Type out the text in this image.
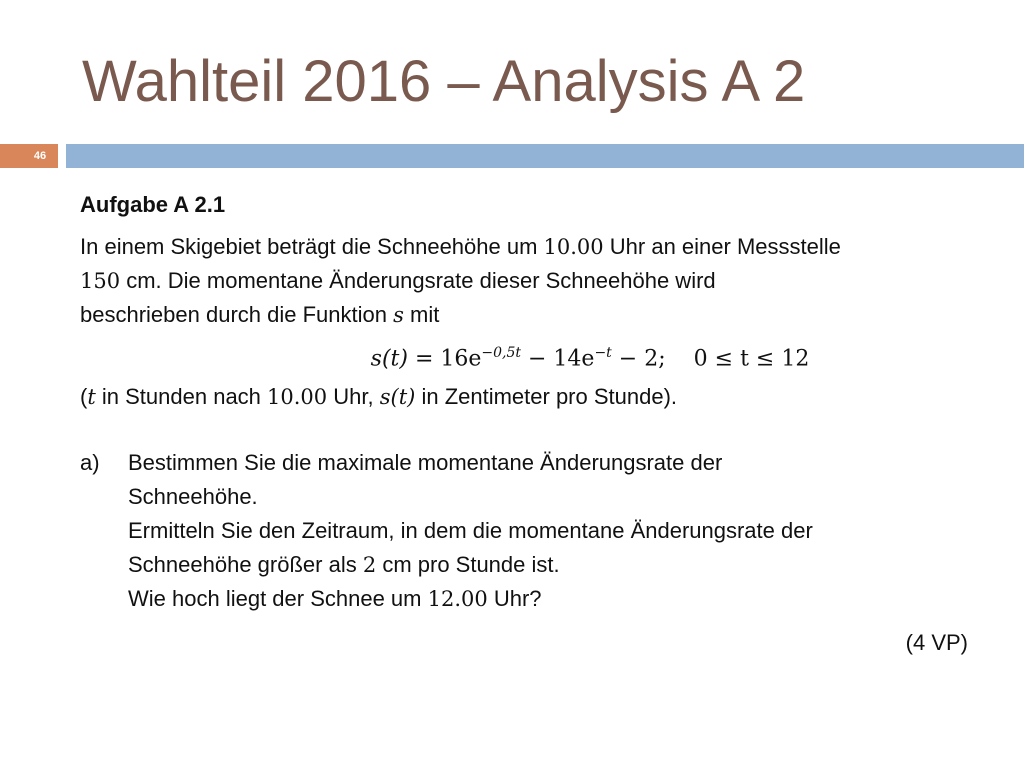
Wahlteil 2016 – Analysis A 2
46
Aufgabe A 2.1

In einem Skigebiet beträgt die Schneehöhe um 10.00 Uhr an einer Messstelle

150 cm. Die momentane Änderungsrate dieser Schneehöhe wird

beschrieben durch die Funktion s mit

$s(t) = 16e^{-0,5t} - 14e^{-t} - 2$; 0 ≤ t ≤ 12

(t in Stunden nach 10.00 Uhr, s(t) in Zentimeter pro Stunde).

a) Bestimmen Sie die maximale momentane Änderungsrate der

Schneehöhe.

Ermitteln Sie den Zeitraum, in dem die momentane Änderungsrate der

Schneehöhe größer als 2 cm pro Stunde ist.

Wie hoch liegt der Schnee um 12.00 Uhr?

(4 VP)
